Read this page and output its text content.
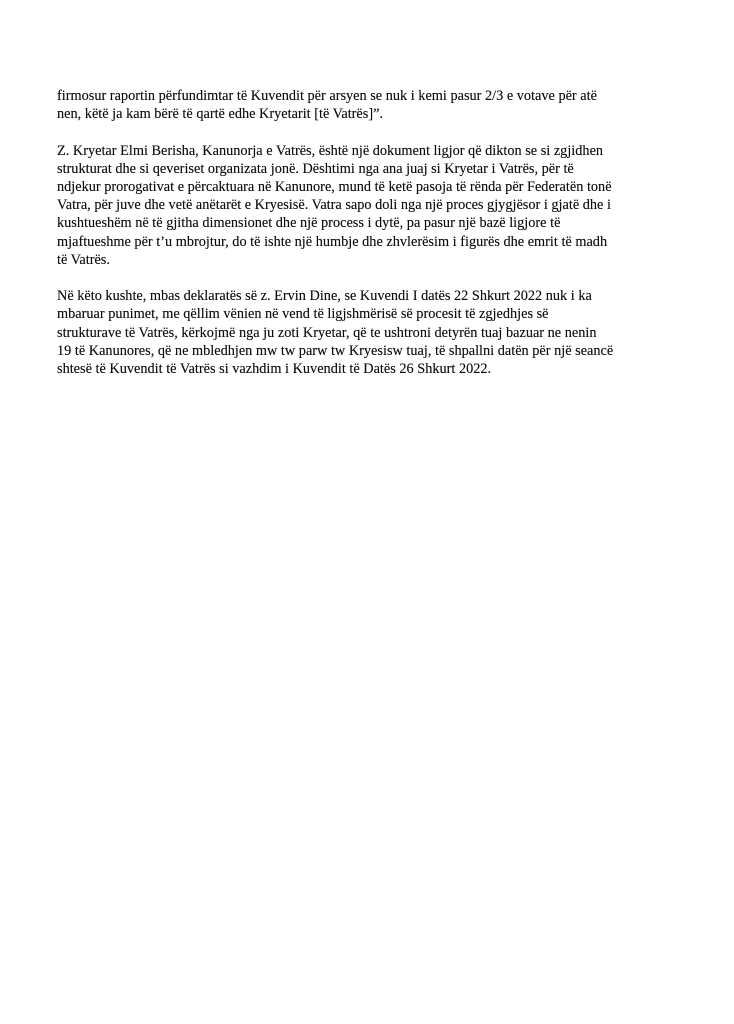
firmosur raportin përfundimtar të Kuvendit për arsyen se nuk i kemi pasur 2/3 e votave për atë
nen, këtë ja kam bërë të qartë edhe Kryetarit [të Vatrës]”.
Z. Kryetar Elmi Berisha, Kanunorja e Vatrës, është një dokument ligjor që dikton se si zgjidhen
strukturat dhe si qeveriset organizata jonë. Dështimi nga ana juaj si Kryetar i Vatrës, për të
ndjekur prorogativat e përcaktuara në Kanunore, mund të ketë pasoja të rënda për Federatën tonë
Vatra, për juve dhe vetë anëtarët e Kryesisë. Vatra sapo doli nga një proces gjygjësor i gjatë dhe i
kushtueshëm në të gjitha dimensionet dhe një process i dytë, pa pasur një bazë ligjore të
mjaftueshme për t’u mbrojtur, do të ishte një humbje dhe zhvlerësim i figurës dhe emrit të madh
të Vatrës.
Në këto kushte, mbas deklaratës së z. Ervin Dine, se Kuvendi I datës 22 Shkurt 2022 nuk i ka
mbaruar punimet, me qëllim vënien në vend të ligjshmërisë së procesit të zgjedhjes së
strukturave të Vatrës, kërkojmë nga ju zoti Kryetar, që te ushtroni detyrën tuaj bazuar ne nenin
19 të Kanunores, që ne mbledhjen mw tw parw tw Kryesisw tuaj, të shpallni datën për një seancë
shtesë të Kuvendit të Vatrës si vazhdim i Kuvendit të Datës 26 Shkurt 2022.
